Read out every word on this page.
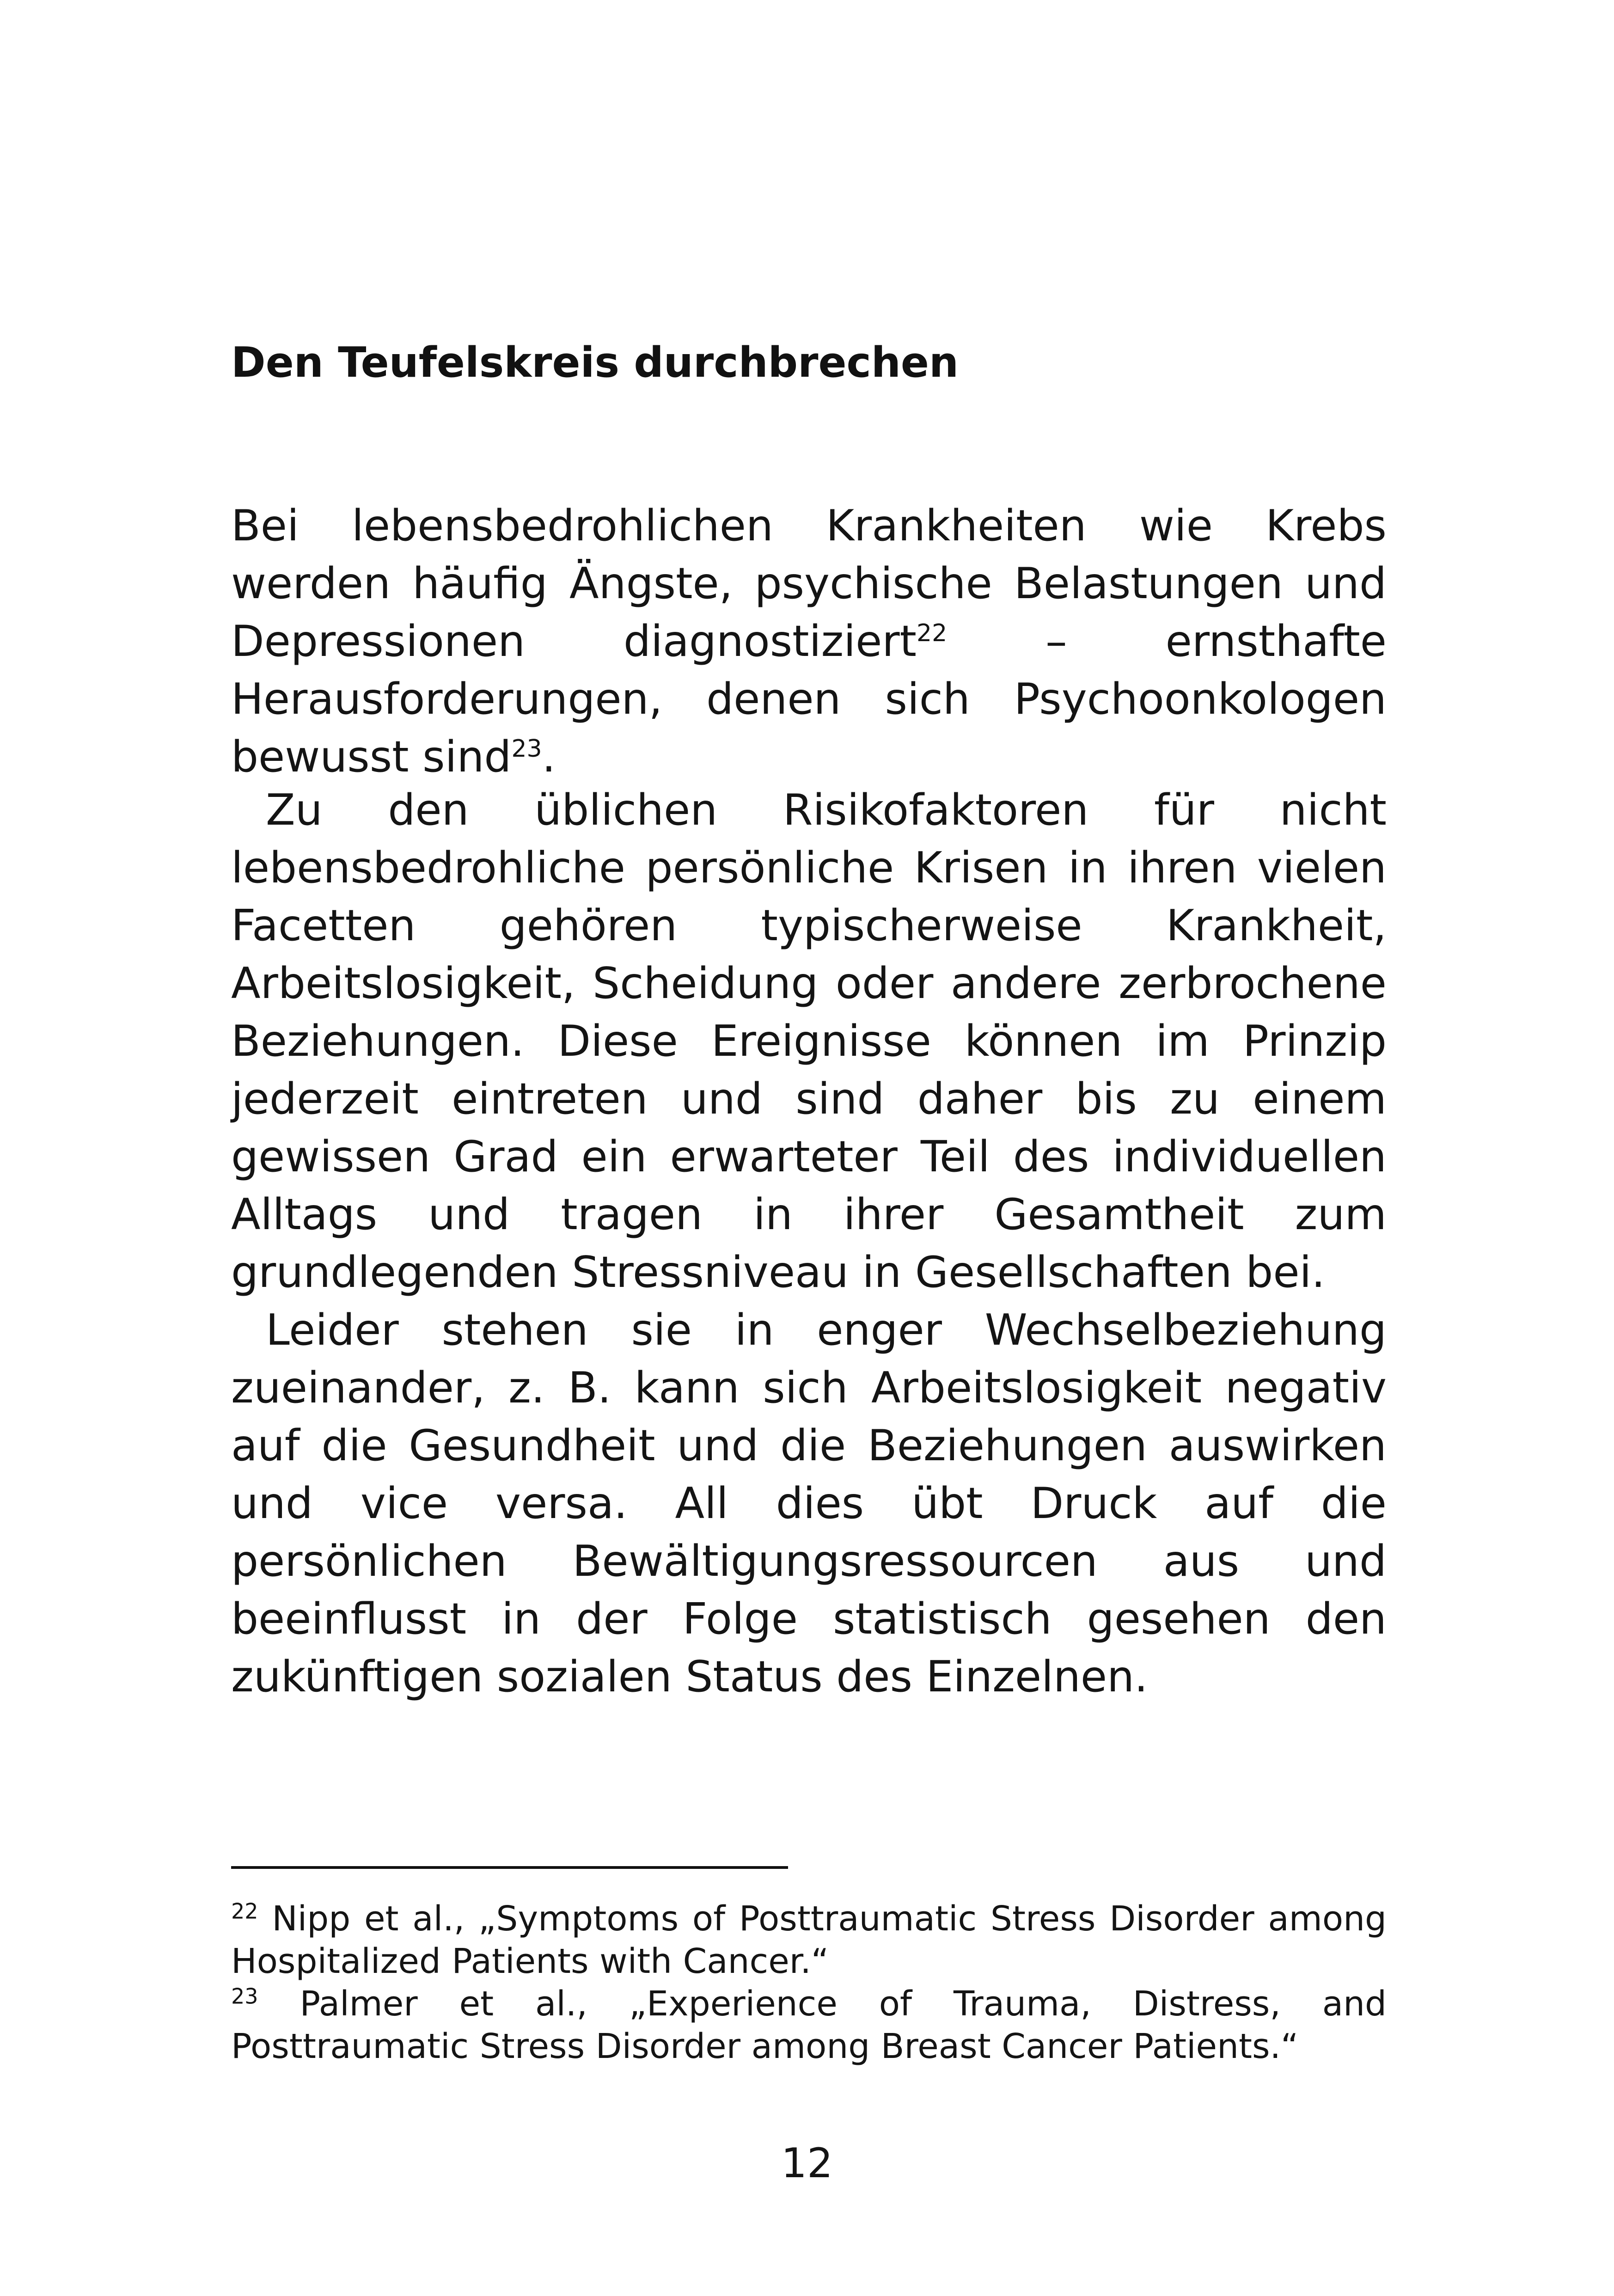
Den Teufelskreis durchbrechen

Bei lebensbedrohlichen Krankheiten wie Krebs werden häufig Ängste, psychische Belastungen und Depressionen diagnostiziert$^{22}$ – ernsthafte Herausforderungen, denen sich Psychoonkologen bewusst sind$^{23}$.

Zu den üblichen Risikofaktoren für nicht lebensbedrohliche persönliche Krisen in ihren vielen Facetten gehören typischerweise Krankheit, Arbeitslosigkeit, Scheidung oder andere zerbrochene Beziehungen. Diese Ereignisse können im Prinzip jederzeit eintreten und sind daher bis zu einem gewissen Grad ein erwarteter Teil des individuellen Alltags und tragen in ihrer Gesamtheit zum grundlegenden Stressniveau in Gesellschaften bei.

Leider stehen sie in enger Wechselbeziehung zueinander, z. B. kann sich Arbeitslosigkeit negativ auf die Gesundheit und die Beziehungen auswirken und vice versa. All dies übt Druck auf die persönlichen Bewältigungsressourcen aus und beeinflusst in der Folge statistisch gesehen den zukünftigen sozialen Status des Einzelnen.

$^{22}$ Nipp et al., „Symptoms of Posttraumatic Stress Disorder among Hospitalized Patients with Cancer.“

$^{23}$ Palmer et al., „Experience of Trauma, Distress, and Posttraumatic Stress Disorder among Breast Cancer Patients.“

12
